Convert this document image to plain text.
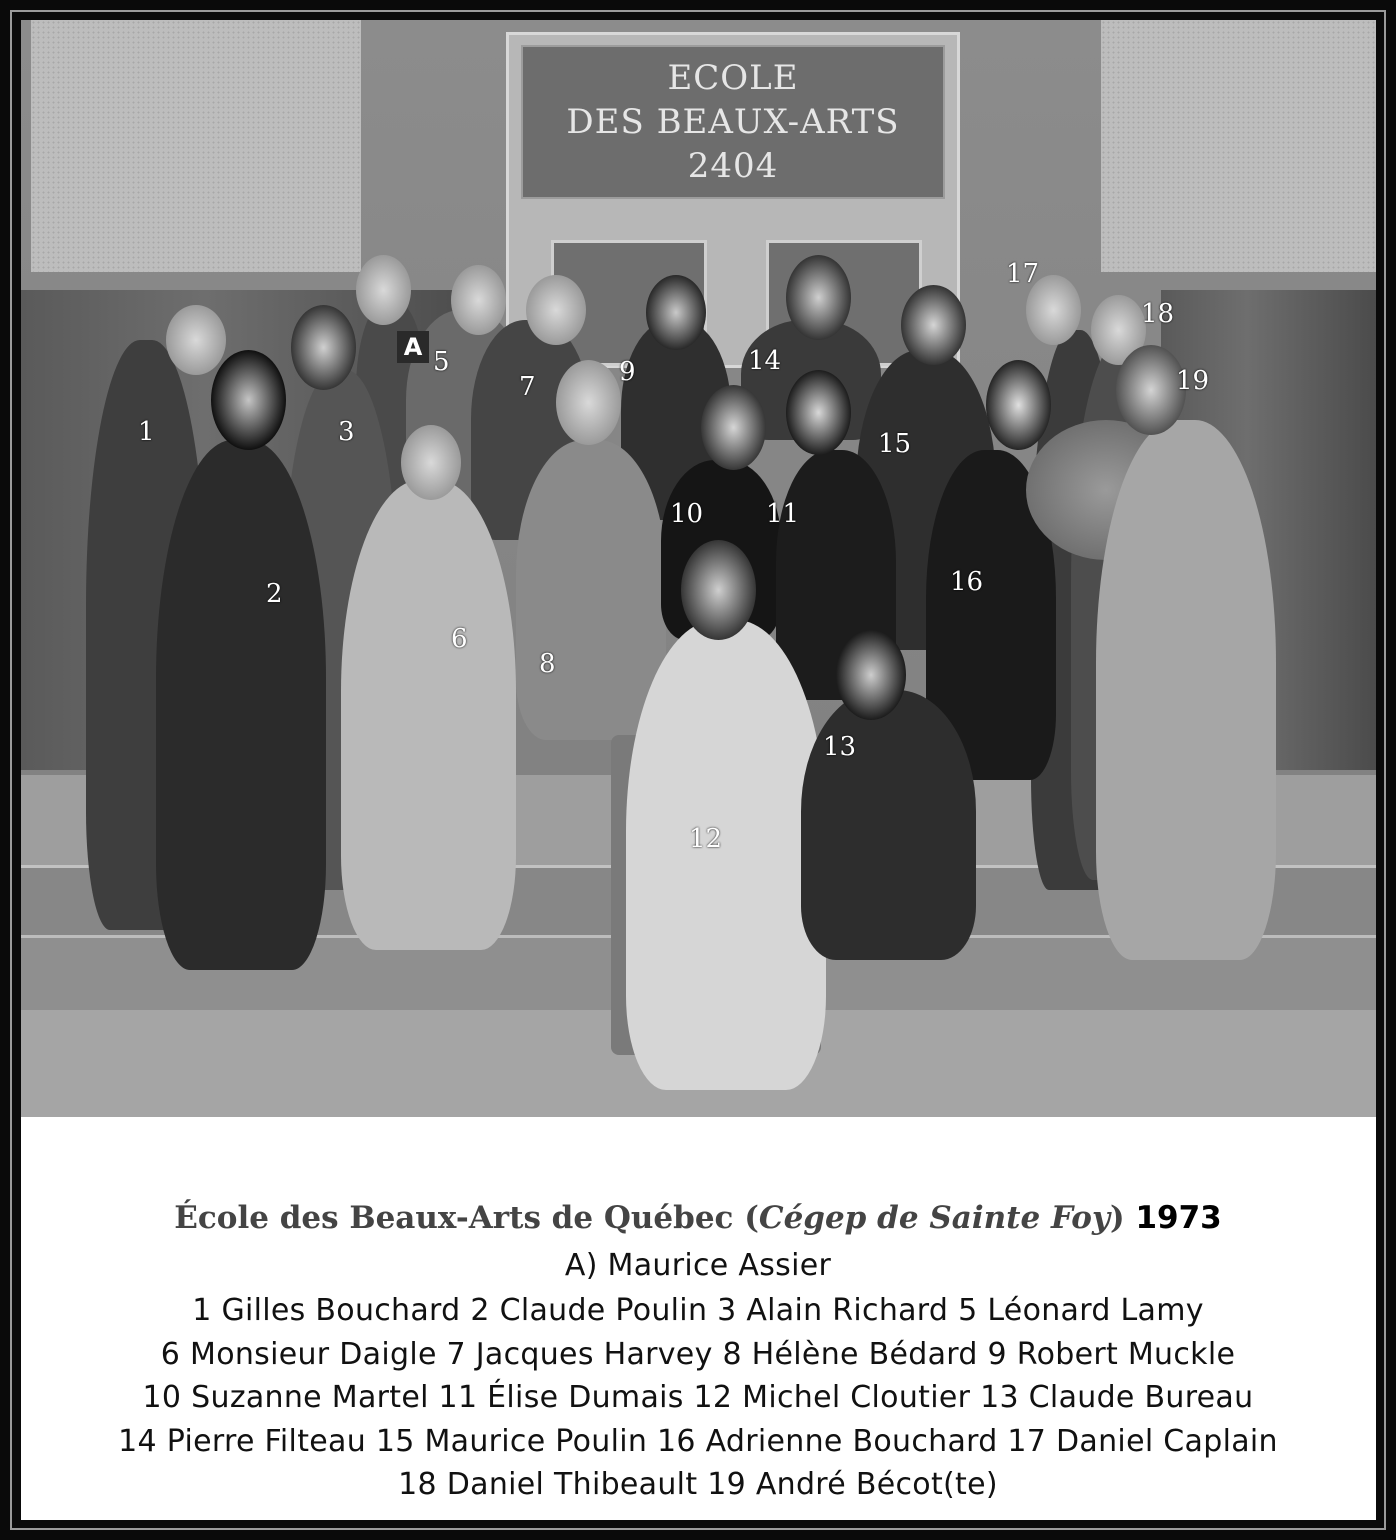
ECOLE
DES BEAUX-ARTS
2404
A
1
2
3
5
6
7
8
9
10 11
12
13
14
15
16
17
18
19
École des Beaux-Arts de Québec (Cégep de Sainte Foy) 1973
A) Maurice Assier
1 Gilles Bouchard 2 Claude Poulin 3 Alain Richard 5 Léonard Lamy
6 Monsieur Daigle 7 Jacques Harvey 8 Hélène Bédard 9 Robert Muckle
10 Suzanne Martel 11 Élise Dumais 12 Michel Cloutier 13 Claude Bureau
14 Pierre Filteau 15 Maurice Poulin 16 Adrienne Bouchard 17 Daniel Caplain
18 Daniel Thibeault 19 André Bécot(te)
